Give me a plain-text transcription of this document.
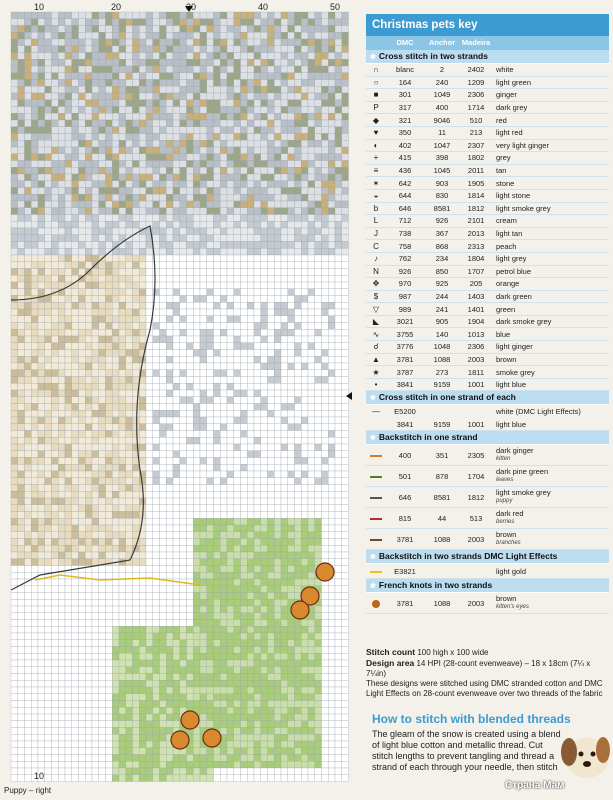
10	20	30	40	50
10
Puppy – right
Christmas pets key
DMC	Anchor Madeira
✱ Cross stitch in two strands
∩	blanc	2	2402	white
○	164	240	1209	light green
■	301	1049	2306	ginger
P	317	400	1714	dark grey
◆	321	9046	510	red
♥	350	11	213	light red
◐	402	1047	2307	very light ginger
+	415	398	1802	grey
≡	436	1045	2011	tan
✶	642	903	1905	stone
◒	644	830	1814	light stone
b	646	8581	1812	light smoke grey
L	712	926	2101	cream
J	738	367	2013	light tan
C	758	868	2313	peach
♪	762	234	1804	light grey
N	926	850	1707	petrol blue
✥	970	925	205	orange
$	987	244	1403	dark green
▽	989	241	1401	green
◣	3021	905	1904	dark smoke grey
∿	3755	140	1013	blue
☌	3776	1048	2306	light ginger
▲	3781	1088	2003	brown
★	3787	273	1811	smoke grey
•	3841	9159	1001	light blue
✱ Cross stitch in one strand of each
—	E5200	white (DMC Light Effects)
3841	9159	1001	light blue
✱ Backstitch in one strand
400	351	2305	dark ginger
kitten
501	878	1704	dark pine green
leaves
646	8581	1812	light smoke grey
puppy
815	44	513	dark red
berries
3781	1088	2003	brown
branches
✱ Backstitch in two strands DMC Light Effects
E3821	light gold
✱ French knots in two strands
3781	1088	2003	brown
kitten's eyes
Stitch count 100 high x 100 wide
Design area 14 HPI (28-count evenweave) – 18 x 18cm (7¼ x 7¼in)
These designs were stitched using DMC stranded cotton and DMC Light Effects on 28-count evenweave over two threads of the fabric
How to stitch with blended threads
The gleam of the snow is created using a blend of light blue cotton and metallic thread. Cut stitch lengths to prevent tangling and thread a strand of each through your needle, then stitch
Страна Мам
